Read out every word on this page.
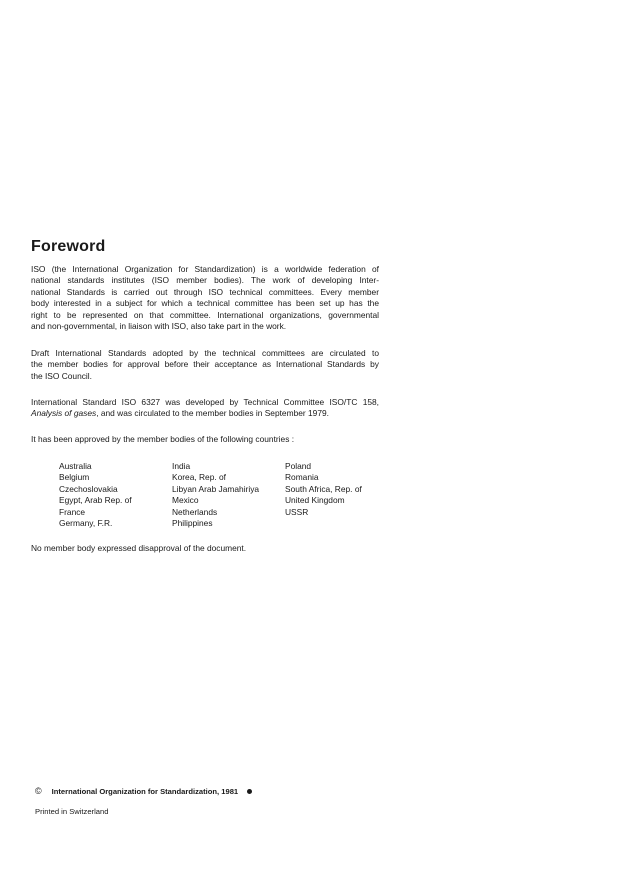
Foreword
ISO (the International Organization for Standardization) is a worldwide federation of
national standards institutes (ISO member bodies). The work of developing Inter-
national Standards is carried out through ISO technical committees. Every member
body interested in a subject for which a technical committee has been set up has the
right to be represented on that committee. International organizations, governmental
and non-governmental, in liaison with ISO, also take part in the work.
Draft International Standards adopted by the technical committees are circulated to
the member bodies for approval before their acceptance as International Standards by
the ISO Council.
International Standard ISO 6327 was developed by Technical Committee ISO/TC 158,
Analysis of gases, and was circulated to the member bodies in September 1979.
It has been approved by the member bodies of the following countries :
Australia
Belgium
Czechoslovakia
Egypt, Arab Rep. of
France
Germany, F.R.
India
Korea, Rep. of
Libyan Arab Jamahiriya
Mexico
Netherlands
Philippines
Poland
Romania
South Africa, Rep. of
United Kingdom
USSR
No member body expressed disapproval of the document.
© International Organization for Standardization, 1981
Printed in Switzerland
